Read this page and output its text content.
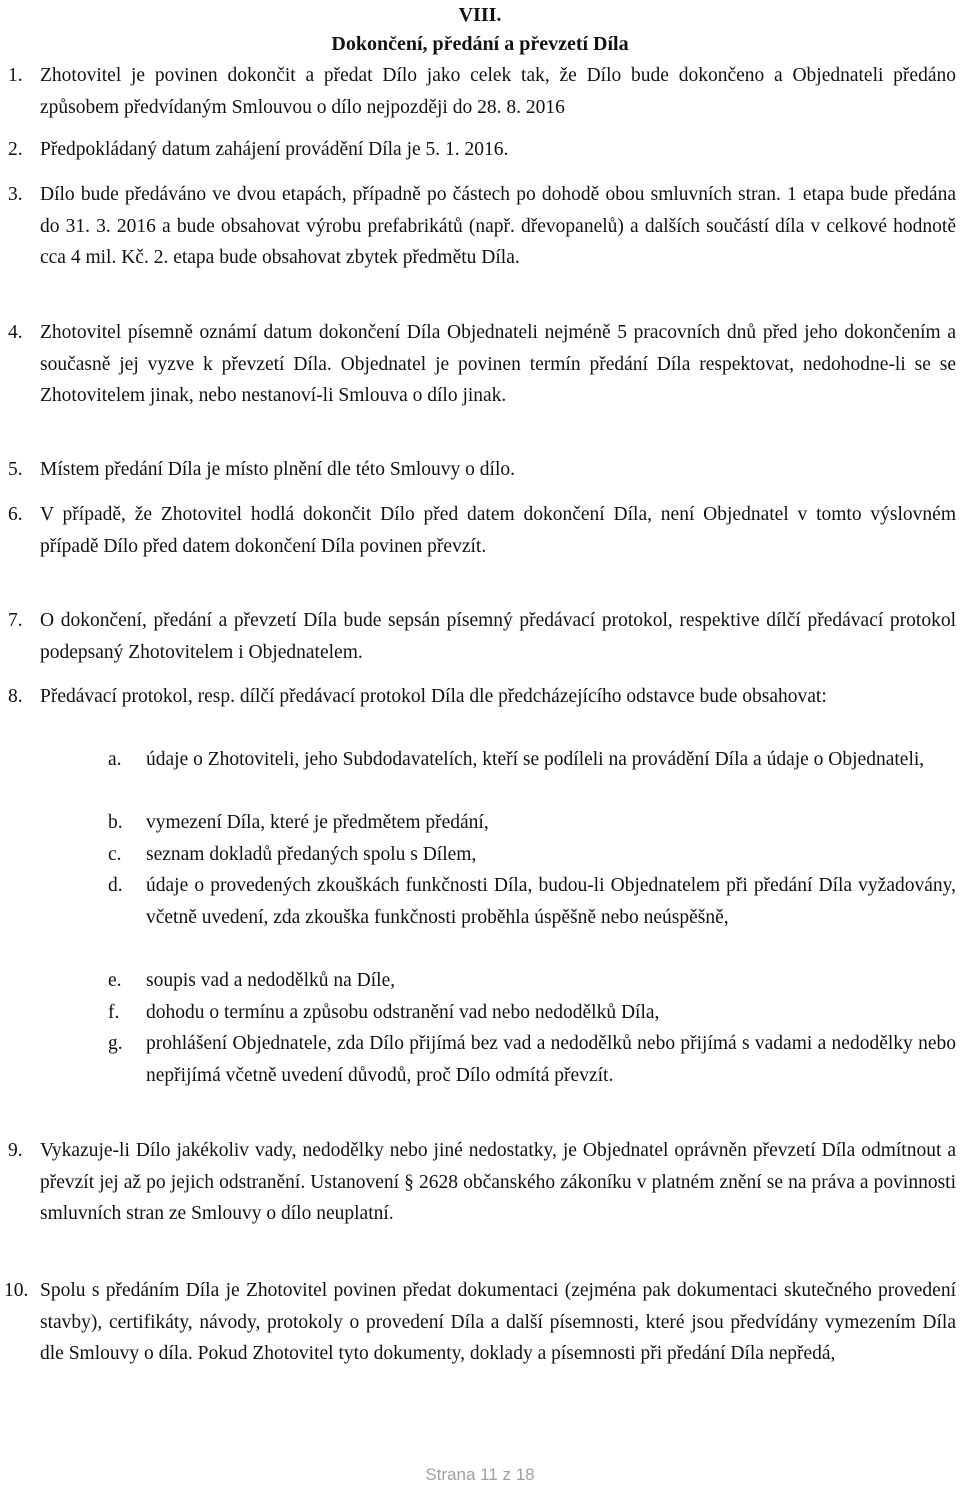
VIII.
Dokončení, předání a převzetí Díla
1. Zhotovitel je povinen dokončit a předat Dílo jako celek tak, že Dílo bude dokončeno a Objednateli předáno způsobem předvídaným Smlouvou o dílo nejpozději do 28. 8. 2016
2. Předpokládaný datum zahájení provádění Díla je 5. 1. 2016.
3. Dílo bude předáváno ve dvou etapách, případně po částech po dohodě obou smluvních stran. 1 etapa bude předána do 31. 3. 2016 a bude obsahovat výrobu prefabrikátů (např. dřevopanelů) a dalších součástí díla v celkové hodnotě cca 4 mil. Kč. 2. etapa bude obsahovat zbytek předmětu Díla.
4. Zhotovitel písemně oznámí datum dokončení Díla Objednateli nejméně 5 pracovních dnů před jeho dokončením a současně jej vyzve k převzetí Díla. Objednatel je povinen termín předání Díla respektovat, nedohodne-li se se Zhotovitelem jinak, nebo nestanoví-li Smlouva o dílo jinak.
5. Místem předání Díla je místo plnění dle této Smlouvy o dílo.
6. V případě, že Zhotovitel hodlá dokončit Dílo před datem dokončení Díla, není Objednatel v tomto výslovném případě Dílo před datem dokončení Díla povinen převzít.
7. O dokončení, předání a převzetí Díla bude sepsán písemný předávací protokol, respektive dílčí předávací protokol podepsaný Zhotovitelem i Objednatelem.
8. Předávací protokol, resp. dílčí předávací protokol Díla dle předcházejícího odstavce bude obsahovat:
a.	údaje o Zhotoviteli, jeho Subdodavatelích, kteří se podíleli na provádění Díla a údaje o Objednateli,
b.	vymezení Díla, které je předmětem předání,
c.	seznam dokladů předaných spolu s Dílem,
d.	údaje o provedených zkouškách funkčnosti Díla, budou-li Objednatelem při předání Díla vyžadovány, včetně uvedení, zda zkouška funkčnosti proběhla úspěšně nebo neúspěšně,
e.	soupis vad a nedodělků na Díle,
f.	dohodu o termínu a způsobu odstranění vad nebo nedodělků Díla,
g.	prohlášení Objednatele, zda Dílo přijímá bez vad a nedodělků nebo přijímá s vadami a nedodělky nebo nepřijímá včetně uvedení důvodů, proč Dílo odmítá převzít.
9. Vykazuje-li Dílo jakékoliv vady, nedodělky nebo jiné nedostatky, je Objednatel oprávněn převzetí Díla odmítnout a převzít jej až po jejich odstranění. Ustanovení § 2628 občanského zákoníku v platném znění se na práva a povinnosti smluvních stran ze Smlouvy o dílo neuplatní.
10. Spolu s předáním Díla je Zhotovitel povinen předat dokumentaci (zejména pak dokumentaci skutečného provedení stavby), certifikáty, návody, protokoly o provedení Díla a další písemnosti, které jsou předvídány vymezením Díla dle Smlouvy o díla. Pokud Zhotovitel tyto dokumenty, doklady a písemnosti při předání Díla nepředá,
Strana 11 z 18
